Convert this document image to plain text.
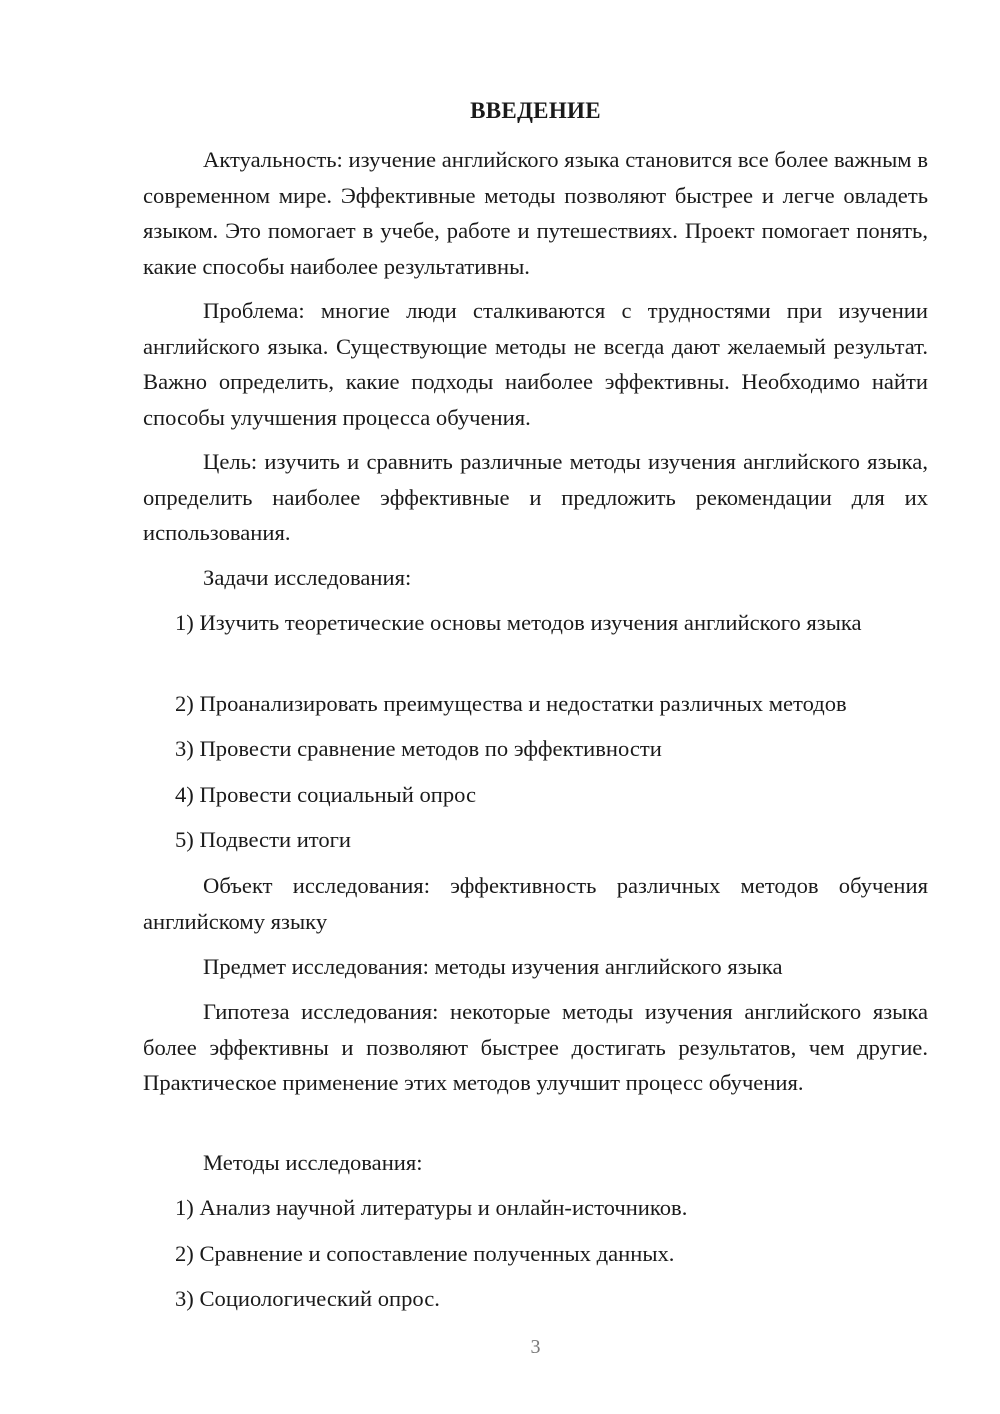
ВВЕДЕНИЕ

Актуальность: изучение английского языка становится все более важным в современном мире. Эффективные методы позволяют быстрее и легче овладеть языком. Это помогает в учебе, работе и путешествиях. Проект помогает понять, какие способы наиболее результативны.

Проблема: многие люди сталкиваются с трудностями при изучении английского языка. Существующие методы не всегда дают желаемый результат. Важно определить, какие подходы наиболее эффективны. Необходимо найти способы улучшения процесса обучения.

Цель: изучить и сравнить различные методы изучения английского языка, определить наиболее эффективные и предложить рекомендации для их использования.

Задачи исследования:

1) Изучить теоретические основы методов изучения английского языка

2) Проанализировать преимущества и недостатки различных методов

3) Провести сравнение методов по эффективности

4) Провести социальный опрос

5) Подвести итоги

Объект исследования: эффективность различных методов обучения английскому языку

Предмет исследования: методы изучения английского языка

Гипотеза исследования: некоторые методы изучения английского языка более эффективны и позволяют быстрее достигать результатов, чем другие. Практическое применение этих методов улучшит процесс обучения.

Методы исследования:

1) Анализ научной литературы и онлайн-источников.

2) Сравнение и сопоставление полученных данных.

3) Социологический опрос.

3
